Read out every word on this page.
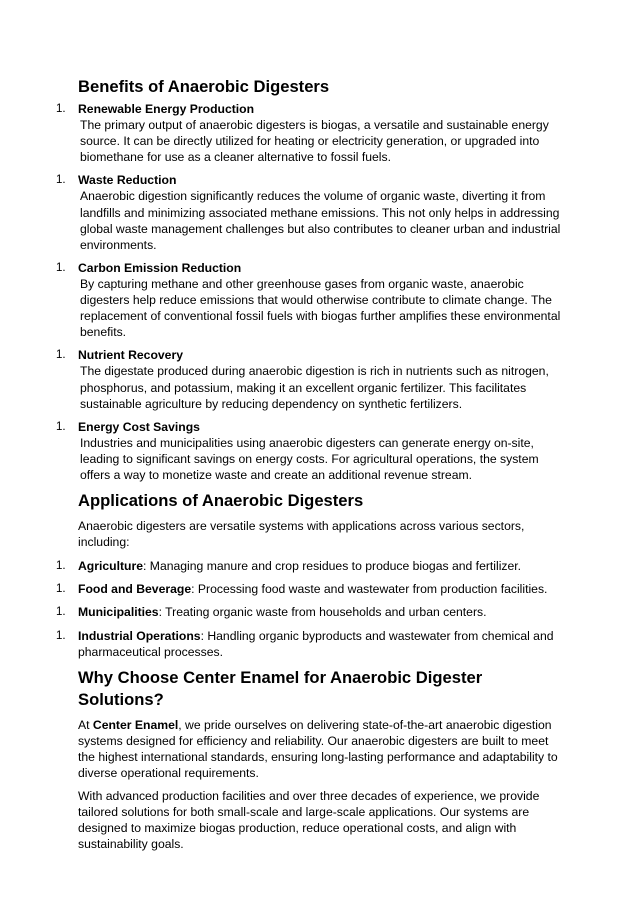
Benefits of Anaerobic Digesters
1. Renewable Energy Production
The primary output of anaerobic digesters is biogas, a versatile and sustainable energy source. It can be directly utilized for heating or electricity generation, or upgraded into biomethane for use as a cleaner alternative to fossil fuels.
1. Waste Reduction
Anaerobic digestion significantly reduces the volume of organic waste, diverting it from landfills and minimizing associated methane emissions. This not only helps in addressing global waste management challenges but also contributes to cleaner urban and industrial environments.
1. Carbon Emission Reduction
By capturing methane and other greenhouse gases from organic waste, anaerobic digesters help reduce emissions that would otherwise contribute to climate change. The replacement of conventional fossil fuels with biogas further amplifies these environmental benefits.
1. Nutrient Recovery
The digestate produced during anaerobic digestion is rich in nutrients such as nitrogen, phosphorus, and potassium, making it an excellent organic fertilizer. This facilitates sustainable agriculture by reducing dependency on synthetic fertilizers.
1. Energy Cost Savings
Industries and municipalities using anaerobic digesters can generate energy on-site, leading to significant savings on energy costs. For agricultural operations, the system offers a way to monetize waste and create an additional revenue stream.
Applications of Anaerobic Digesters

Anaerobic digesters are versatile systems with applications across various sectors, including:

1. Agriculture: Managing manure and crop residues to produce biogas and fertilizer.
1. Food and Beverage: Processing food waste and wastewater from production facilities.
1. Municipalities: Treating organic waste from households and urban centers.
1. Industrial Operations: Handling organic byproducts and wastewater from chemical and pharmaceutical processes.
Why Choose Center Enamel for Anaerobic Digester Solutions?

At Center Enamel, we pride ourselves on delivering state-of-the-art anaerobic digestion systems designed for efficiency and reliability. Our anaerobic digesters are built to meet the highest international standards, ensuring long-lasting performance and adaptability to diverse operational requirements.

With advanced production facilities and over three decades of experience, we provide tailored solutions for both small-scale and large-scale applications. Our systems are designed to maximize biogas production, reduce operational costs, and align with sustainability goals.
